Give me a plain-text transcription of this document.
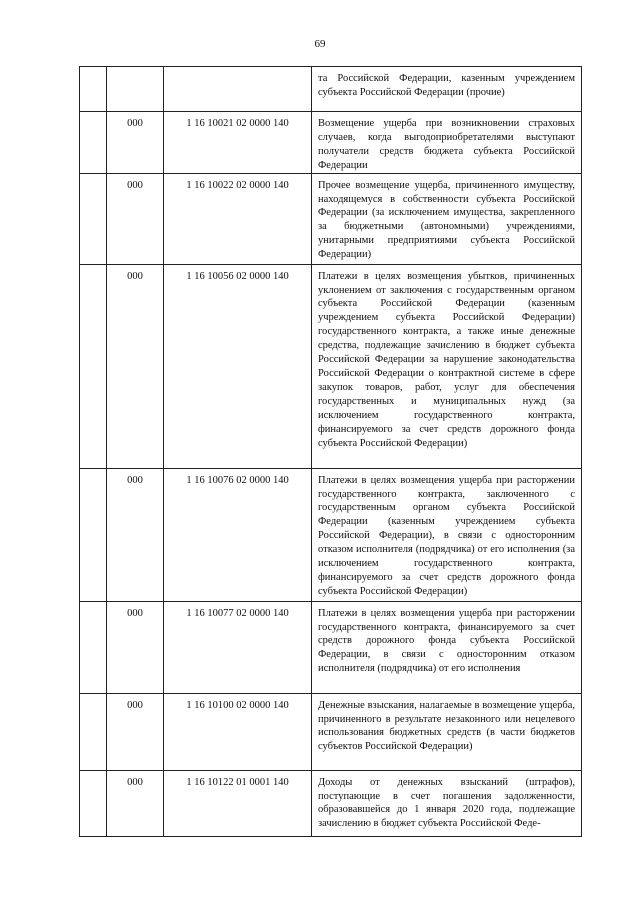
69
			та Российской Федерации, казенным учреждением субъекта Российской Федерации (прочие)
	000	1 16 10021 02 0000 140	Возмещение ущерба при возникновении страховых случаев, когда выгодоприобретателями выступают получатели средств бюджета субъекта Российской Федерации
	000	1 16 10022 02 0000 140	Прочее возмещение ущерба, причиненного имуществу, находящемуся в собственности субъекта Российской Федерации (за исключением имущества, закрепленного за бюджетными (автономными) учреждениями, унитарными предприятиями субъекта Российской Федерации)
	000	1 16 10056 02 0000 140	Платежи в целях возмещения убытков, причиненных уклонением от заключения с государственным органом субъекта Российской Федерации (казенным учреждением субъекта Российской Федерации) государственного контракта, а также иные денежные средства, подлежащие зачислению в бюджет субъекта Российской Федерации за нарушение законодательства Российской Федерации о контрактной системе в сфере закупок товаров, работ, услуг для обеспечения государственных и муниципальных нужд (за исключением государственного контракта, финансируемого за счет средств дорожного фонда субъекта Российской Федерации)
	000	1 16 10076 02 0000 140	Платежи в целях возмещения ущерба при расторжении государственного контракта, заключенного с государственным органом субъекта Российской Федерации (казенным учреждением субъекта Российской Федерации), в связи с односторонним отказом исполнителя (подрядчика) от его исполнения (за исключением государственного контракта, финансируемого за счет средств дорожного фонда субъекта Российской Федерации)
	000	1 16 10077 02 0000 140	Платежи в целях возмещения ущерба при расторжении государственного контракта, финансируемого за счет средств дорожного фонда субъекта Российской Федерации, в связи с односторонним отказом исполнителя (подрядчика) от его исполнения
	000	1 16 10100 02 0000 140	Денежные взыскания, налагаемые в возмещение ущерба, причиненного в результате незаконного или нецелевого использования бюджетных средств (в части бюджетов субъектов Российской Федерации)
	000	1 16 10122 01 0001 140	Доходы от денежных взысканий (штрафов), поступающие в счет погашения задолженности, образовавшейся до 1 января 2020 года, подлежащие зачислению в бюджет субъекта Российской Феде-
